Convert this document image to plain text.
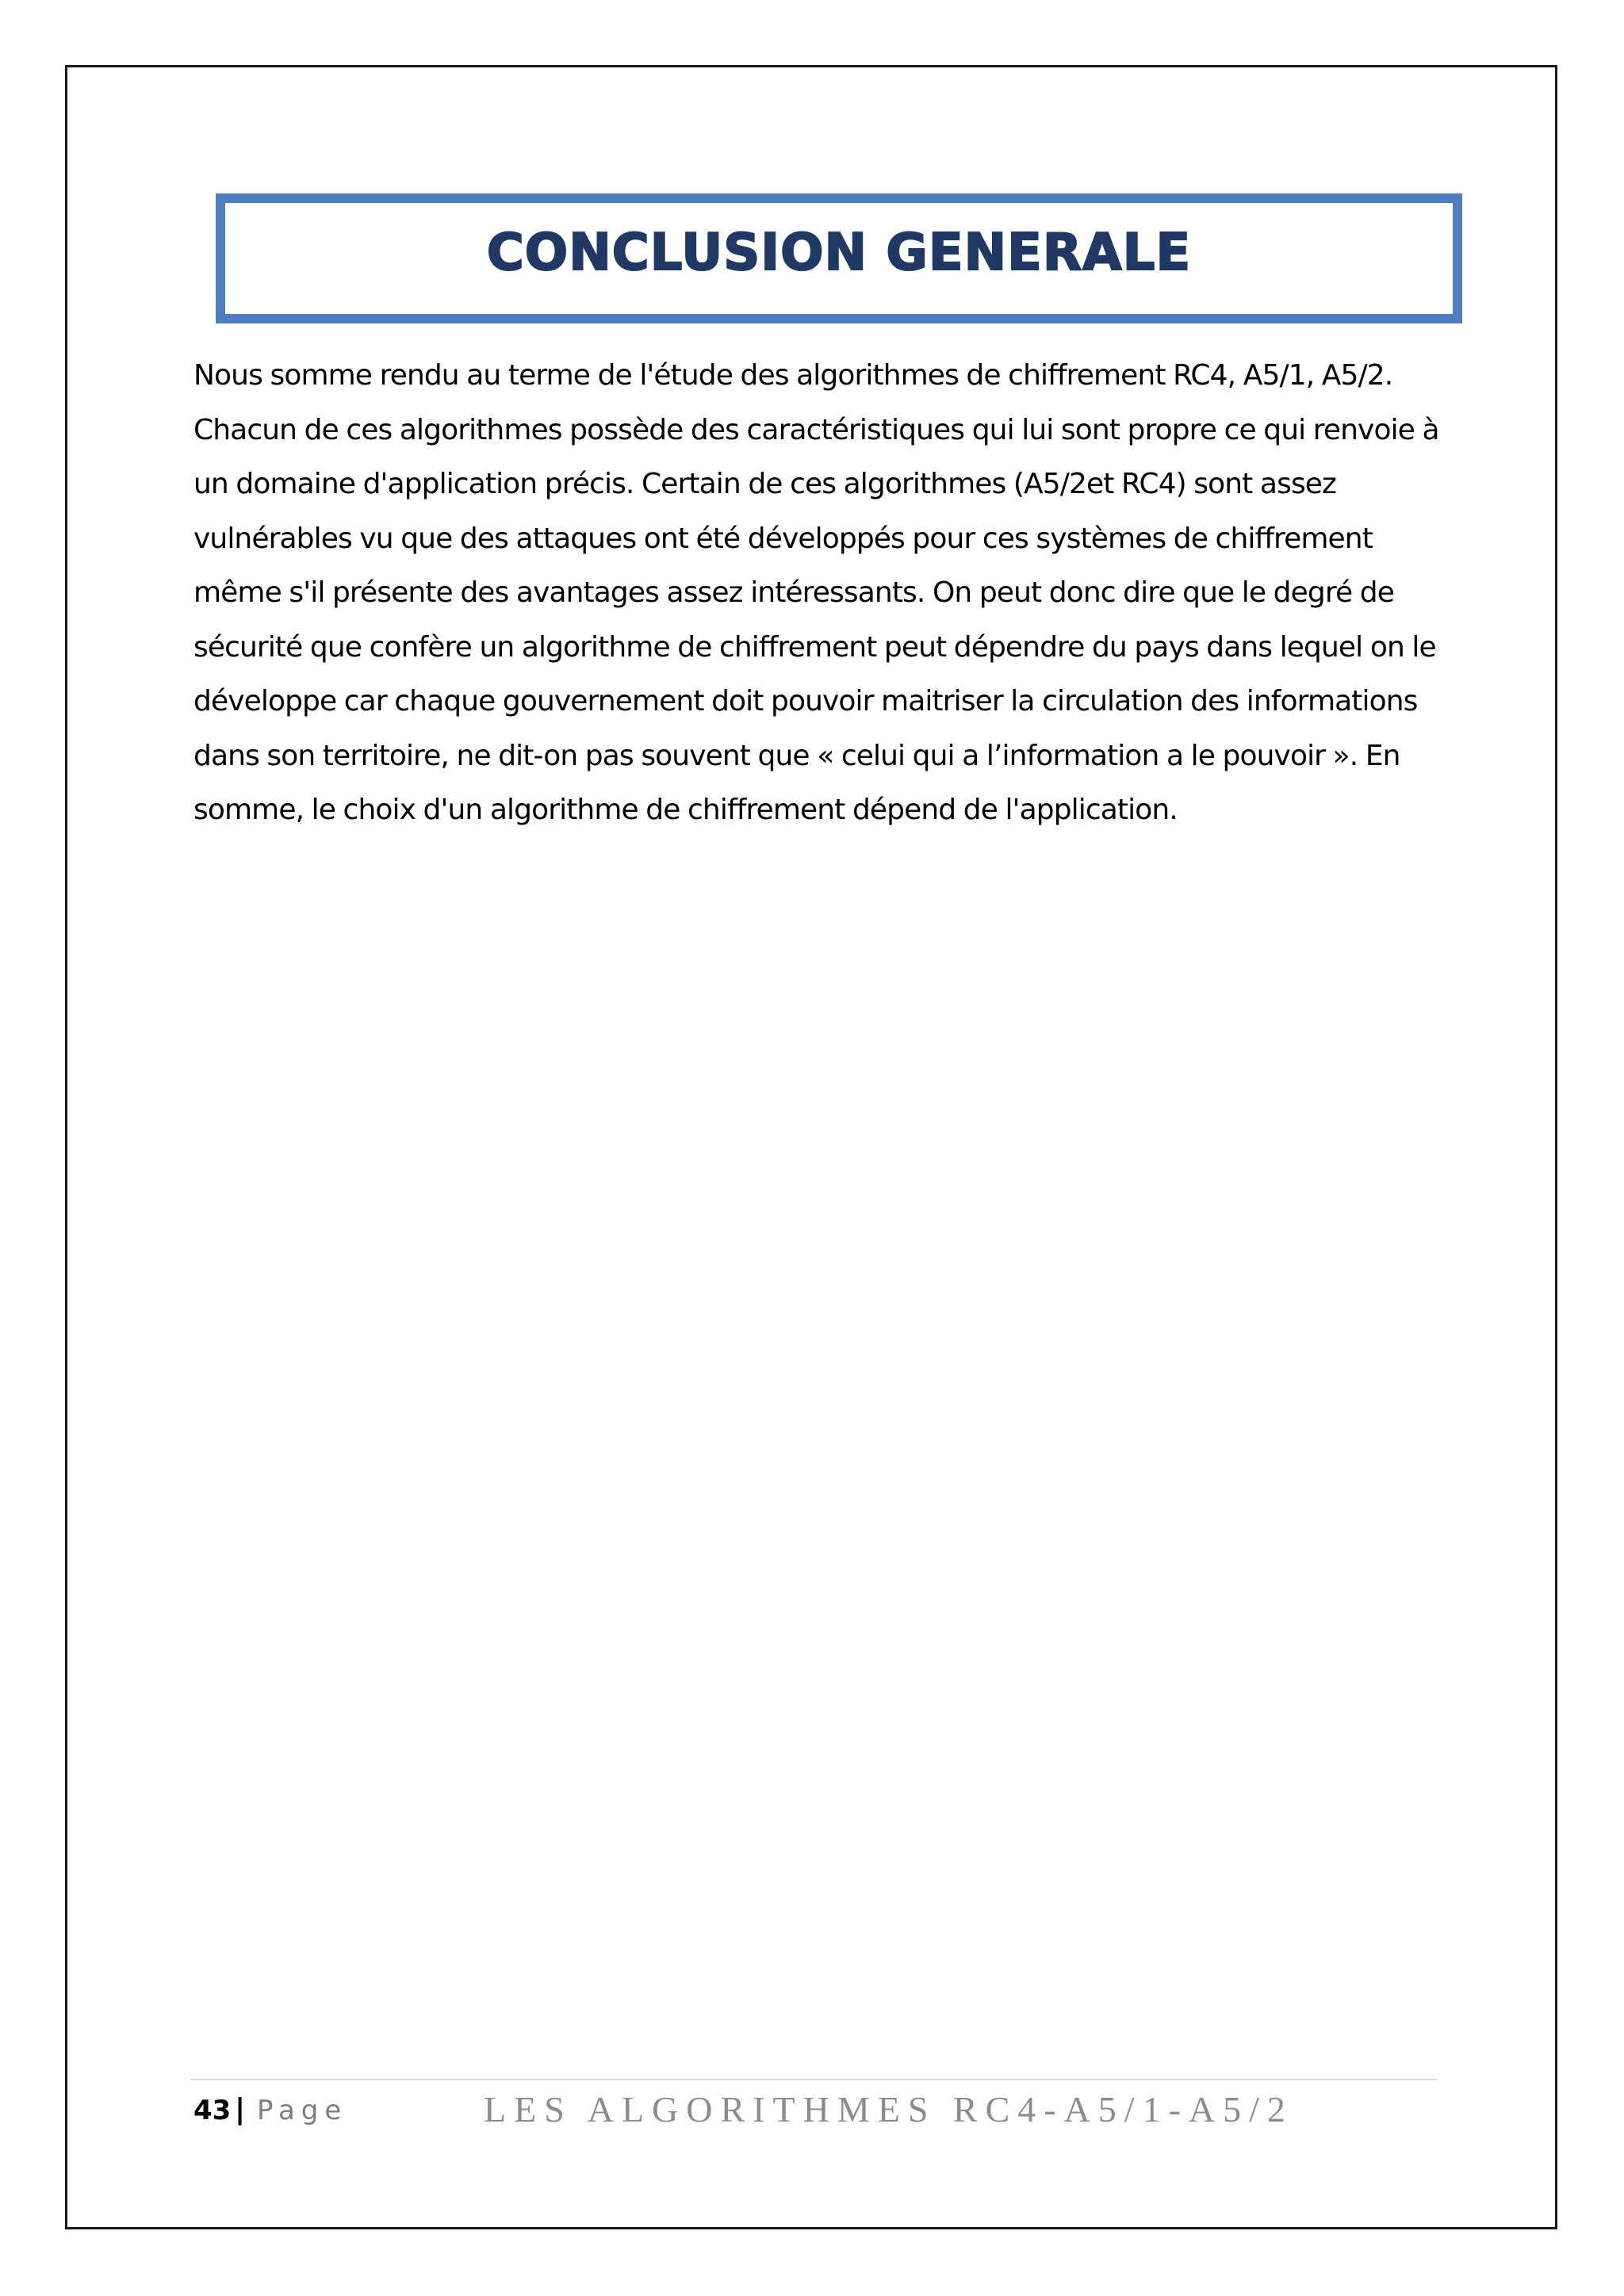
CONCLUSION GENERALE
Nous somme rendu au terme de l'étude des algorithmes de chiffrement RC4, A5/1, A5/2.
Chacun de ces algorithmes possède des caractéristiques qui lui sont propre ce qui renvoie à
un domaine d'application précis. Certain de ces algorithmes (A5/2et RC4) sont assez
vulnérables vu que des attaques ont été développés pour ces systèmes de chiffrement
même s'il présente des avantages assez intéressants. On peut donc dire que le degré de
sécurité que confère un algorithme de chiffrement peut dépendre du pays dans lequel on le
développe car chaque gouvernement doit pouvoir maitriser la circulation des informations
dans son territoire, ne dit-on pas souvent que « celui qui a l’information a le pouvoir ». En
somme, le choix d'un algorithme de chiffrement dépend de l'application.
43 | Page	LES ALGORITHMES RC4-A5/1-A5/2
